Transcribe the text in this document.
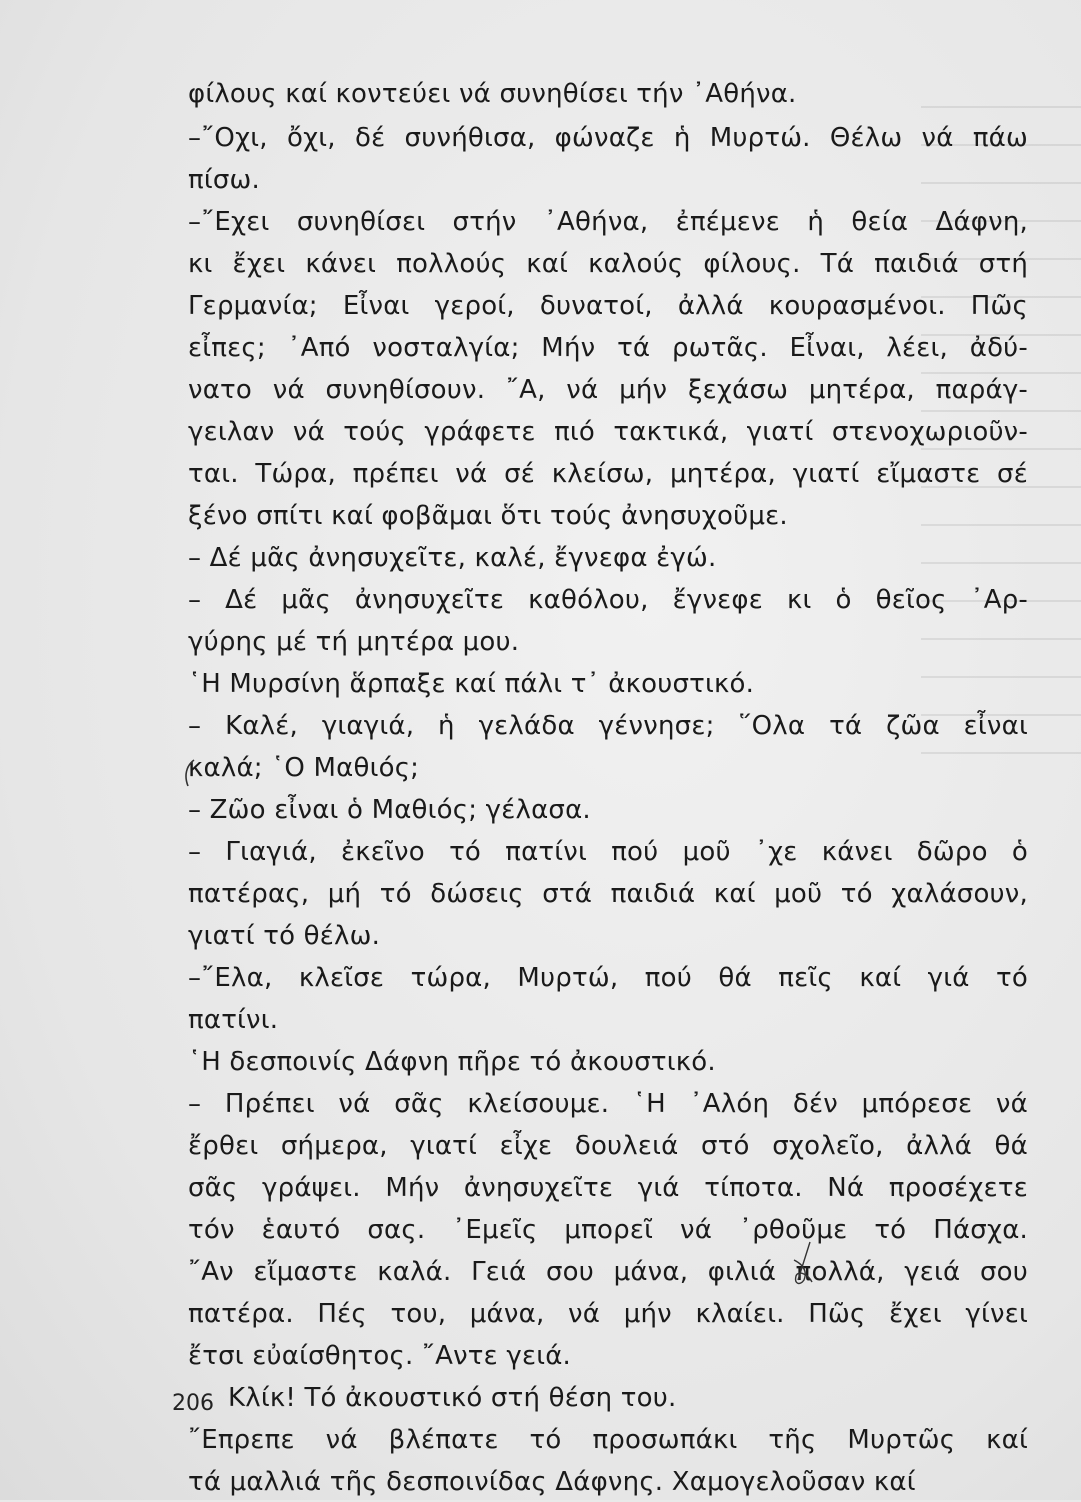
φίλους καί κοντεύει νά συνηθίσει τήν ᾿Αθήνα.
–῎Οχι, ὄχι, δέ συνήθισα, φώναζε ἡ Μυρτώ. Θέλω νά πάω
πίσω.
–῎Εχει συνηθίσει στήν ᾿Αθήνα, ἐπέμενε ἡ θεία Δάφνη,
κι ἔχει κάνει πολλούς καί καλούς φίλους. Τά παιδιά στή
Γερμανία; Εἶναι γεροί, δυνατοί, ἀλλά κουρασμένοι. Πῶς
εἶπες; ᾿Από νοσταλγία; Μήν τά ρωτᾶς. Εἶναι, λέει, ἀδύ-
νατο νά συνηθίσουν. ῎Α, νά μήν ξεχάσω μητέρα, παράγ-
γειλαν νά τούς γράφετε πιό τακτικά, γιατί στενοχωριοῦν-
ται. Τώρα, πρέπει νά σέ κλείσω, μητέρα, γιατί εἴμαστε σέ
ξένο σπίτι καί φοβᾶμαι ὅτι τούς ἀνησυχοῦμε.
– Δέ μᾶς ἀνησυχεῖτε, καλέ, ἔγνεφα ἐγώ.
– Δέ μᾶς ἀνησυχεῖτε καθόλου, ἔγνεφε κι ὁ θεῖος ᾿Αρ-
γύρης μέ τή μητέρα μου.
῾Η Μυρσίνη ἅρπαξε καί πάλι τ᾿ ἀκουστικό.
– Καλέ, γιαγιά, ἡ γελάδα γέννησε; ῞Ολα τά ζῶα εἶναι
καλά; ῾Ο Μαθιός;
– Ζῶο εἶναι ὁ Μαθιός; γέλασα.
– Γιαγιά, ἐκεῖνο τό πατίνι πού μοῦ ᾿χε κάνει δῶρο ὁ
πατέρας, μή τό δώσεις στά παιδιά καί μοῦ τό χαλάσουν,
γιατί τό θέλω.
–῎Ελα, κλεῖσε τώρα, Μυρτώ, πού θά πεῖς καί γιά τό
πατίνι.
῾Η δεσποινίς Δάφνη πῆρε τό ἀκουστικό.
– Πρέπει νά σᾶς κλείσουμε. ῾Η ᾿Αλόη δέν μπόρεσε νά
ἔρθει σήμερα, γιατί εἶχε δουλειά στό σχολεῖο, ἀλλά θά
σᾶς γράψει. Μήν ἀνησυχεῖτε γιά τίποτα. Νά προσέχετε
τόν ἑαυτό σας. ᾿Εμεῖς μπορεῖ νά ᾿ρθοῦμε τό Πάσχα.
῎Αν εἴμαστε καλά. Γειά σου μάνα, φιλιά πολλά, γειά σου
πατέρα. Πές του, μάνα, νά μήν κλαίει. Πῶς ἔχει γίνει
ἔτσι εὐαίσθητος. ῎Αντε γειά.
Κλίκ! Τό ἀκουστικό στή θέση του.
῎Επρεπε νά βλέπατε τό προσωπάκι τῆς Μυρτῶς καί
τά μαλλιά τῆς δεσποινίδας Δάφνης. Χαμογελοῦσαν καί
206
